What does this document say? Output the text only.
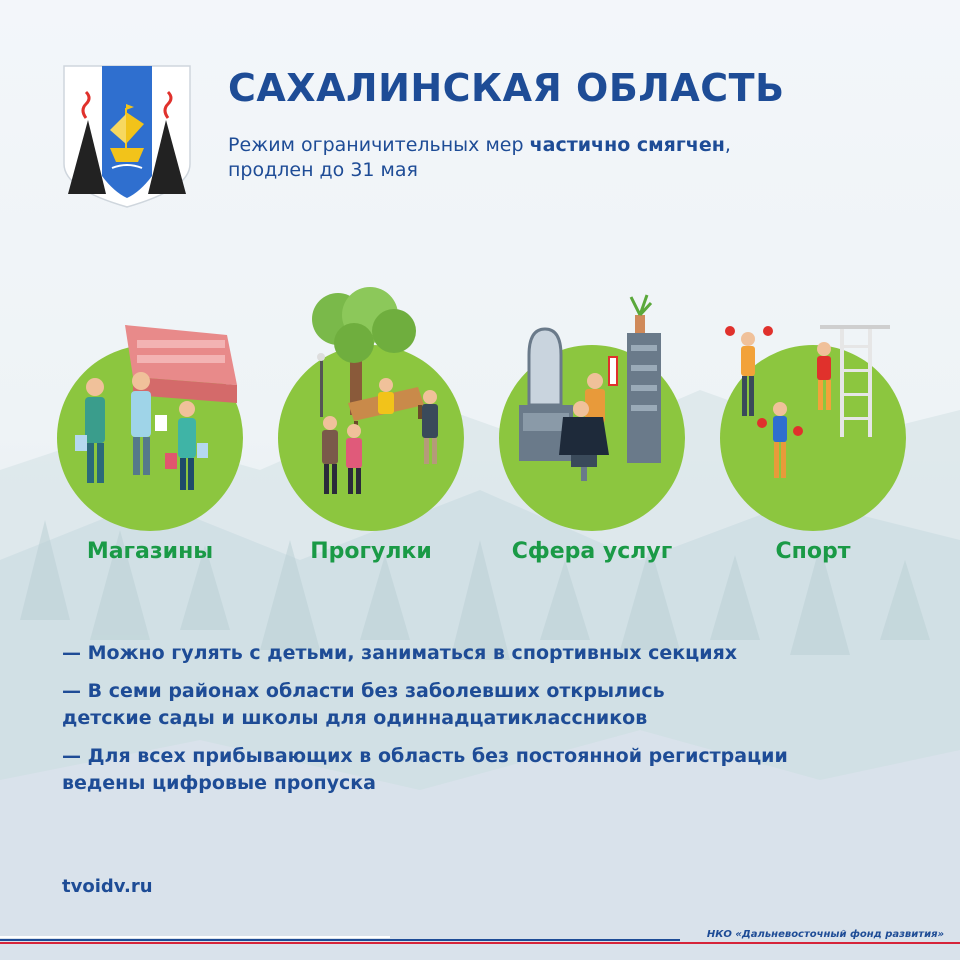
САХАЛИНСКАЯ ОБЛАСТЬ
Режим ограничительных мер частично смягчен,
продлен до 31 мая
Магазины	Прогулки	Сфера услуг	Спорт
— Можно гулять с детьми, заниматься в спортивных секциях
— В семи районах области без заболевших открылись
детские сады и школы для одиннадцатиклассников
— Для всех прибывающих в область без постоянной регистрации
ведены цифровые пропуска
tvoidv.ru
НКО «Дальневосточный фонд развития»
